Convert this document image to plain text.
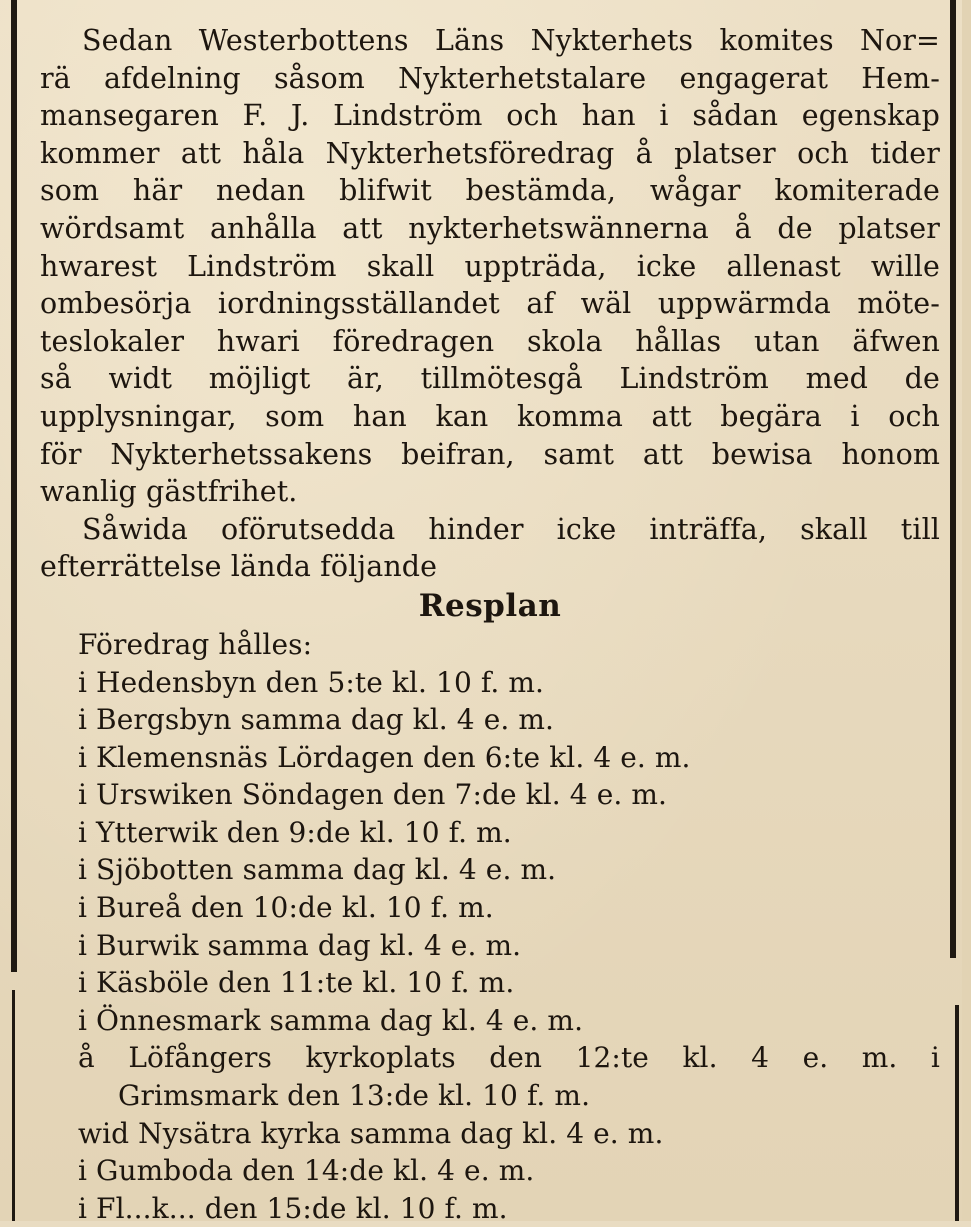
Sedan Westerbottens Läns Nykterhets komites Nor=
rä afdelning såsom Nykterhetstalare engagerat Hem-
mansegaren F. J. Lindström och han i sådan egenskap
kommer att håla Nykterhetsföredrag å platser och tider
som här nedan blifwit bestämda, wågar komiterade
wördsamt anhålla att nykterhetswännerna å de platser
hwarest Lindström skall uppträda, icke allenast wille
ombesörja iordningsställandet af wäl uppwärmda möte-
teslokaler hwari föredragen skola hållas utan äfwen
så widt möjligt är, tillmötesgå Lindström med de
upplysningar, som han kan komma att begära i och
för Nykterhetssakens beifran, samt att bewisa honom
wanlig gästfrihet.
Såwida oförutsedda hinder icke inträffa, skall till
efterrättelse lända följande
Resplan
Föredrag hålles:
i Hedensbyn den 5:te kl. 10 f. m.
i Bergsbyn samma dag kl. 4 e. m.
i Klemensnäs Lördagen den 6:te kl. 4 e. m.
i Urswiken Söndagen den 7:de kl. 4 e. m.
i Ytterwik den 9:de kl. 10 f. m.
i Sjöbotten samma dag kl. 4 e. m.
i Bureå den 10:de kl. 10 f. m.
i Burwik samma dag kl. 4 e. m.
i Käsböle den 11:te kl. 10 f. m.
i Önnesmark samma dag kl. 4 e. m.
å Löfångers kyrkoplats den 12:te kl. 4 e. m. i
Grimsmark den 13:de kl. 10 f. m.
wid Nysätra kyrka samma dag kl. 4 e. m.
i Gumboda den 14:de kl. 4 e. m.
i Fl...k... den 15:de kl. 10 f. m.
